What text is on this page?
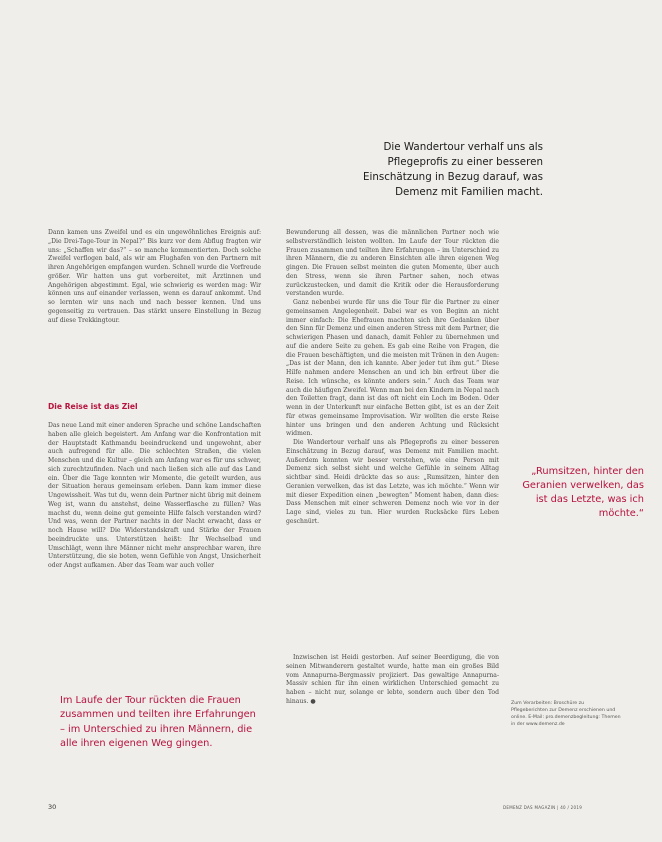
Die Wandertour verhalf uns als Pflegeprofis zu einer besseren Einschätzung in Bezug darauf, was Demenz mit Familien macht.

Dann kamen uns Zweifel und es ein ungewöhnliches Ereignis auf: „Die Drei-Tage-Tour in Nepal?“ Bis kurz vor dem Abflug fragten wir uns: „Schaffen wir das?“ – so manche kommentierten. Doch solche Zweifel verflogen bald, als wir am Flughafen von den Partnern mit ihren Angehörigen empfangen wurden. Schnell wurde die Vorfreude größer. Wir hatten uns gut vorbereitet, mit Ärztinnen und Angehörigen abgestimmt. Egal, wie schwierig es werden mag: Wir können uns auf einander verlassen, wenn es darauf ankommt. Und so lernten wir uns nach und nach besser kennen. Und uns gegenseitig zu vertrauen. Das stärkt unsere Einstellung in Bezug auf diese Trekkingtour.

Die Reise ist das Ziel

Das neue Land mit einer anderen Sprache und schöne Landschaften haben alle gleich begeistert. Am Anfang war die Konfrontation mit der Hauptstadt Kathmandu beeindruckend und ungewohnt, aber auch aufregend für alle. Die schlechten Straßen, die vielen Menschen und die Kultur – gleich am Anfang war es für uns schwer, sich zurechtzufinden. Nach und nach ließen sich alle auf das Land ein. Über die Tage konnten wir Momente, die geteilt wurden, aus der Situation heraus gemeinsam erleben. Dann kam immer diese Ungewissheit. Was tut du, wenn dein Partner nicht übrig mit deinem Weg ist, wann du anstehst, deine Wasserflasche zu füllen? Was machst du, wenn deine gut gemeinte Hilfe falsch verstanden wird? Und was, wenn der Partner nachts in der Nacht erwacht, dass er noch Hause will? Die Widerstandskraft und Stärke der Frauen beeindruckte uns. Unterstützen heißt: Ihr Wechselbad und Umschlägt, wenn ihre Männer nicht mehr ansprechbar waren, ihre Unterstützung, die sie boten, wenn Gefühle von Angst, Unsicherheit oder Angst aufkamen. Aber das Team war auch voller

Bewunderung all dessen, was die männlichen Partner noch wie selbstverständlich leisten wollten. Im Laufe der Tour rückten die Frauen zusammen und teilten ihre Erfahrungen – im Unterschied zu ihren Männern, die zu anderen Einsichten alle ihren eigenen Weg gingen. Die Frauen selbst meinten die guten Momente, über auch den Stress, wenn sie ihren Partner sahen, noch etwas zurückzustecken, und damit die Kritik oder die Herausforderung verstanden wurde.

Ganz nebenbei wurde für uns die Tour für die Partner zu einer gemeinsamen Angelegenheit. Dabei war es von Beginn an nicht immer einfach: Die Ehefrauen machten sich ihre Gedanken über den Sinn für Demenz und einen anderen Stress mit dem Partner, die schwierigen Phasen und danach, damit Fehler zu übernehmen und auf die andere Seite zu gehen. Es gab eine Reihe von Fragen, die die Frauen beschäftigten, und die meisten mit Tränen in den Augen: „Das ist der Mann, den ich kannte. Aber jeder tut ihm gut.“ Diese Hilfe nahmen andere Menschen an und ich bin erfreut über die Reise. Ich wünsche, es könnte anders sein.“ Auch das Team war auch die häufigen Zweifel. Wenn man bei den Kindern in Nepal nach den Toiletten fragt, dann ist das oft nicht ein Loch im Boden. Oder wenn in der Unterkunft nur einfache Betten gibt, ist es an der Zeit für etwas gemeinsame Improvisation. Wir wollten die erste Reise hinter uns bringen und den anderen Achtung und Rücksicht widmen.

Die Wandertour verhalf uns als Pflegeprofis zu einer besseren Einschätzung in Bezug darauf, was Demenz mit Familien macht. Außerdem konnten wir besser verstehen, wie eine Person mit Demenz sich selbst sieht und welche Gefühle in seinem Alltag sichtbar sind. Heidi drückte das so aus: „Rumsitzen, hinter den Geranien verwelken, das ist das Letzte, was ich möchte.“ Wenn wir mit dieser Expedition einen „bewegten“ Moment haben, dann dies: Dass Menschen mit einer schweren Demenz noch wie vor in der Lage sind, vieles zu tun. Hier wurden Rucksäcke fürs Leben geschnürt.

Inzwischen ist Heidi gestorben. Auf seiner Beerdigung, die von seinen Mitwanderern gestaltet wurde, hatte man ein großes Bild vom Annapurna-Bergmassiv projiziert. Das gewaltige Annapurna-Massiv schien für ihn einen wirklichen Unterschied gemacht zu haben – nicht nur, solange er lebte, sondern auch über den Tod hinaus. ●

Im Laufe der Tour rückten die Frauen zusammen und teilten ihre Erfahrungen – im Unterschied zu ihren Männern, die alle ihren eigenen Weg gingen.
„Rumsitzen, hinter den Geranien verwelken, das ist das Letzte, was ich möchte.“
Zum Verarbeiten: Broschüre zu Pflegeberichten zur Demenz erschienen und online. E-Mail: pro.demenzbegleitung: Themen in der www.demenz.de
30	DEMENZ DAS MAGAZIN | 40 / 2019
